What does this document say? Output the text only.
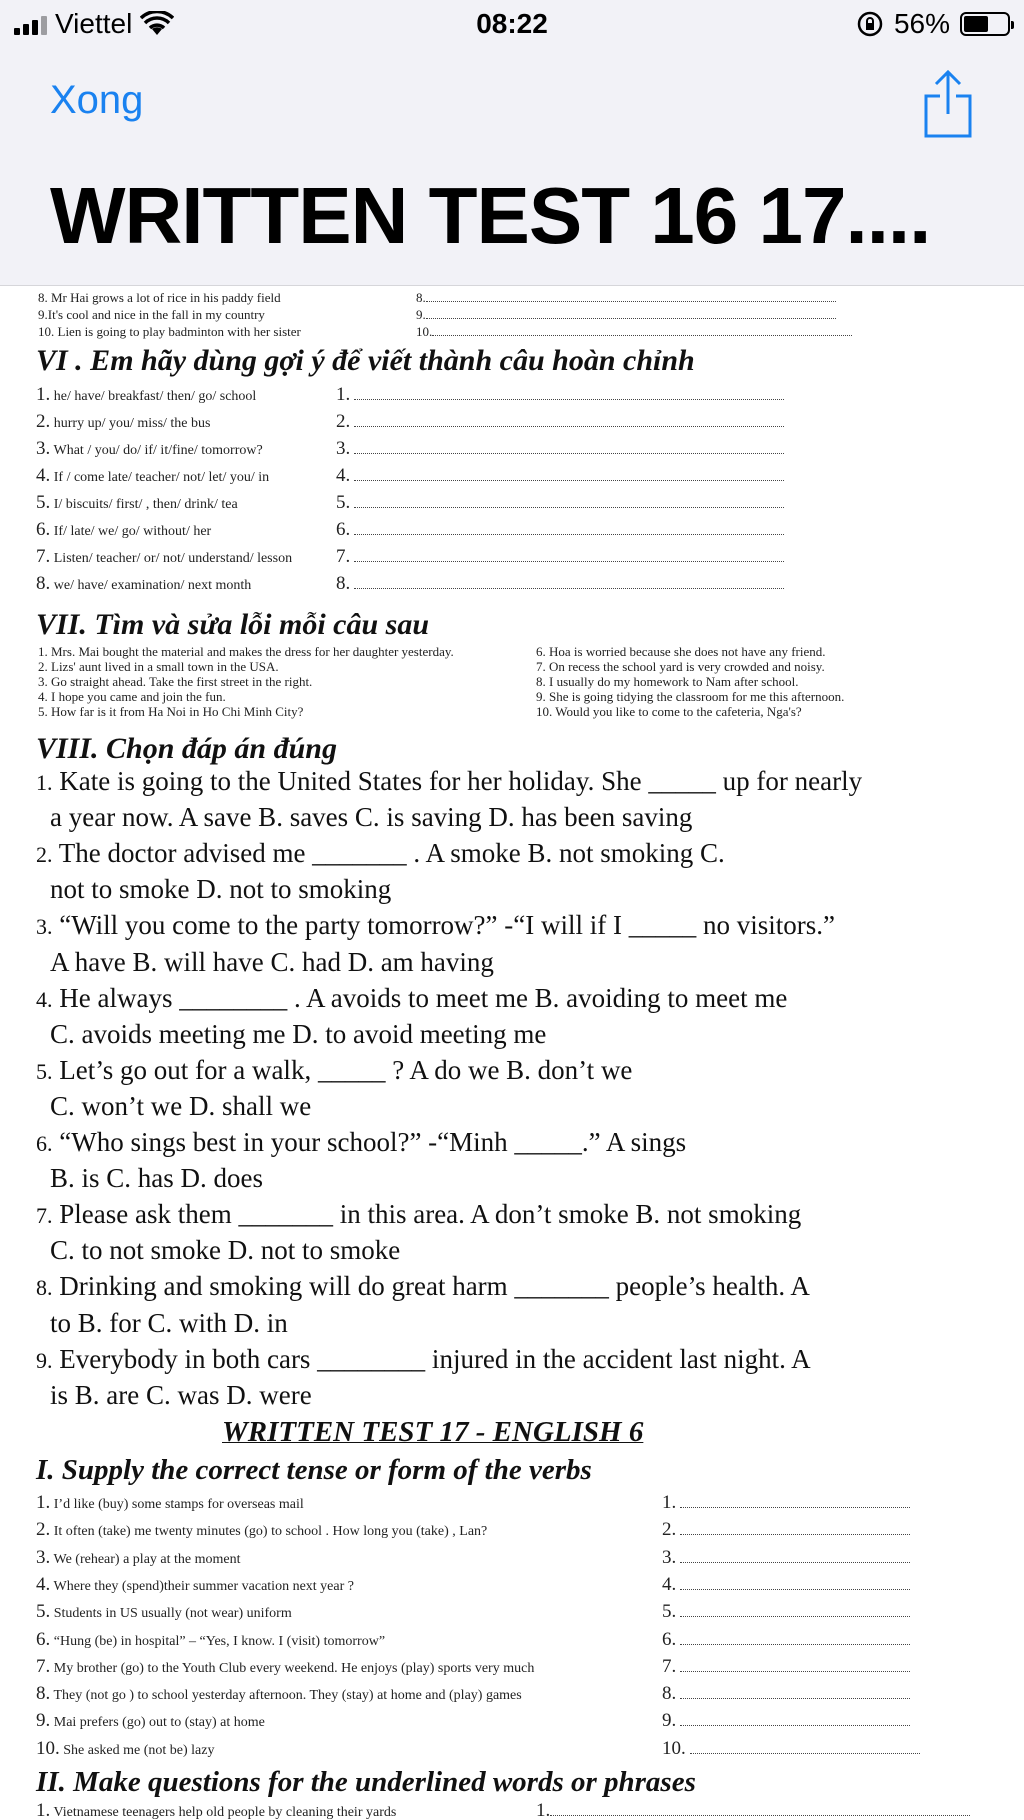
Viettel	08:22	56%
Xong
WRITTEN TEST 16 17....
8. Mr Hai grows a lot of rice in his paddy field	8.
9.It's cool and nice in the fall in my country	9.
10. Lien is going to play badminton with her sister	10.
VI . Em hãy dùng gợi ý để viết thành câu hoàn chỉnh
1. he/ have/ breakfast/ then/ go/ school	1.
2. hurry up/ you/ miss/ the bus	2.
3. What / you/ do/ if/ it/fine/ tomorrow?	3.
4. If / come late/ teacher/ not/ let/ you/ in	4.
5. I/ biscuits/ first/ , then/ drink/ tea	5.
6. If/ late/ we/ go/ without/ her	6.
7. Listen/ teacher/ or/ not/ understand/ lesson 7.
8. we/ have/ examination/ next month	8.
VII. Tìm và sửa lỗi mỗi câu sau
1. Mrs. Mai bought the material and makes the dress for her daughter yesterday.
2. Lizs' aunt lived in a small town in the USA.
3. Go straight ahead. Take the first street in the right.
4. I hope you came and join the fun.
5. How far is it from Ha Noi in Ho Chi Minh City?
6. Hoa is worried because she does not have any friend.
7. On recess the school yard is very crowded and noisy.
8. I usually do my homework to Nam after school.
9. She is going tidying the classroom for me this afternoon.
10. Would you like to come to the cafeteria, Nga's?
VIII. Chọn đáp án đúng
1. Kate is going to the United States for her holiday. She _____ up for nearly
a year now. A save B. saves C. is saving D. has been saving
2. The doctor advised me _______ . A smoke B. not smoking C.
not to smoke D. not to smoking
3. “Will you come to the party tomorrow?” -“I will if I _____ no visitors.”
A have B. will have C. had D. am having
4. He always ________ . A avoids to meet me B. avoiding to meet me
C. avoids meeting me D. to avoid meeting me
5. Let’s go out for a walk, _____ ? A do we B. don’t we
C. won’t we D. shall we
6. “Who sings best in your school?” -“Minh _____.” A sings
B. is C. has D. does
7. Please ask them _______ in this area. A don’t smoke B. not smoking
C. to not smoke D. not to smoke
8. Drinking and smoking will do great harm _______ people’s health. A
to B. for C. with D. in
9. Everybody in both cars ________ injured in the accident last night. A
is B. are C. was D. were
WRITTEN TEST 17 - ENGLISH 6
I. Supply the correct tense or form of the verbs
1. I’d like (buy) some stamps for overseas mail	1.
2. It often (take) me twenty minutes (go) to school . How long you (take) , Lan?	2.
3. We (rehear) a play at the moment	3.
4. Where they (spend)their summer vacation next year ?	4.
5. Students in US usually (not wear) uniform	5.
6. “Hung (be) in hospital” – “Yes, I know. I (visit) tomorrow”	6.
7. My brother (go) to the Youth Club every weekend. He enjoys (play) sports very much	7.
8. They (not go ) to school yesterday afternoon. They (stay) at home and (play) games	8.
9. Mai prefers (go) out to (stay) at home	9.
10. She asked me (not be) lazy	10.
II. Make questions for the underlined words or phrases
1. Vietnamese teenagers help old people by cleaning their yards	1.
